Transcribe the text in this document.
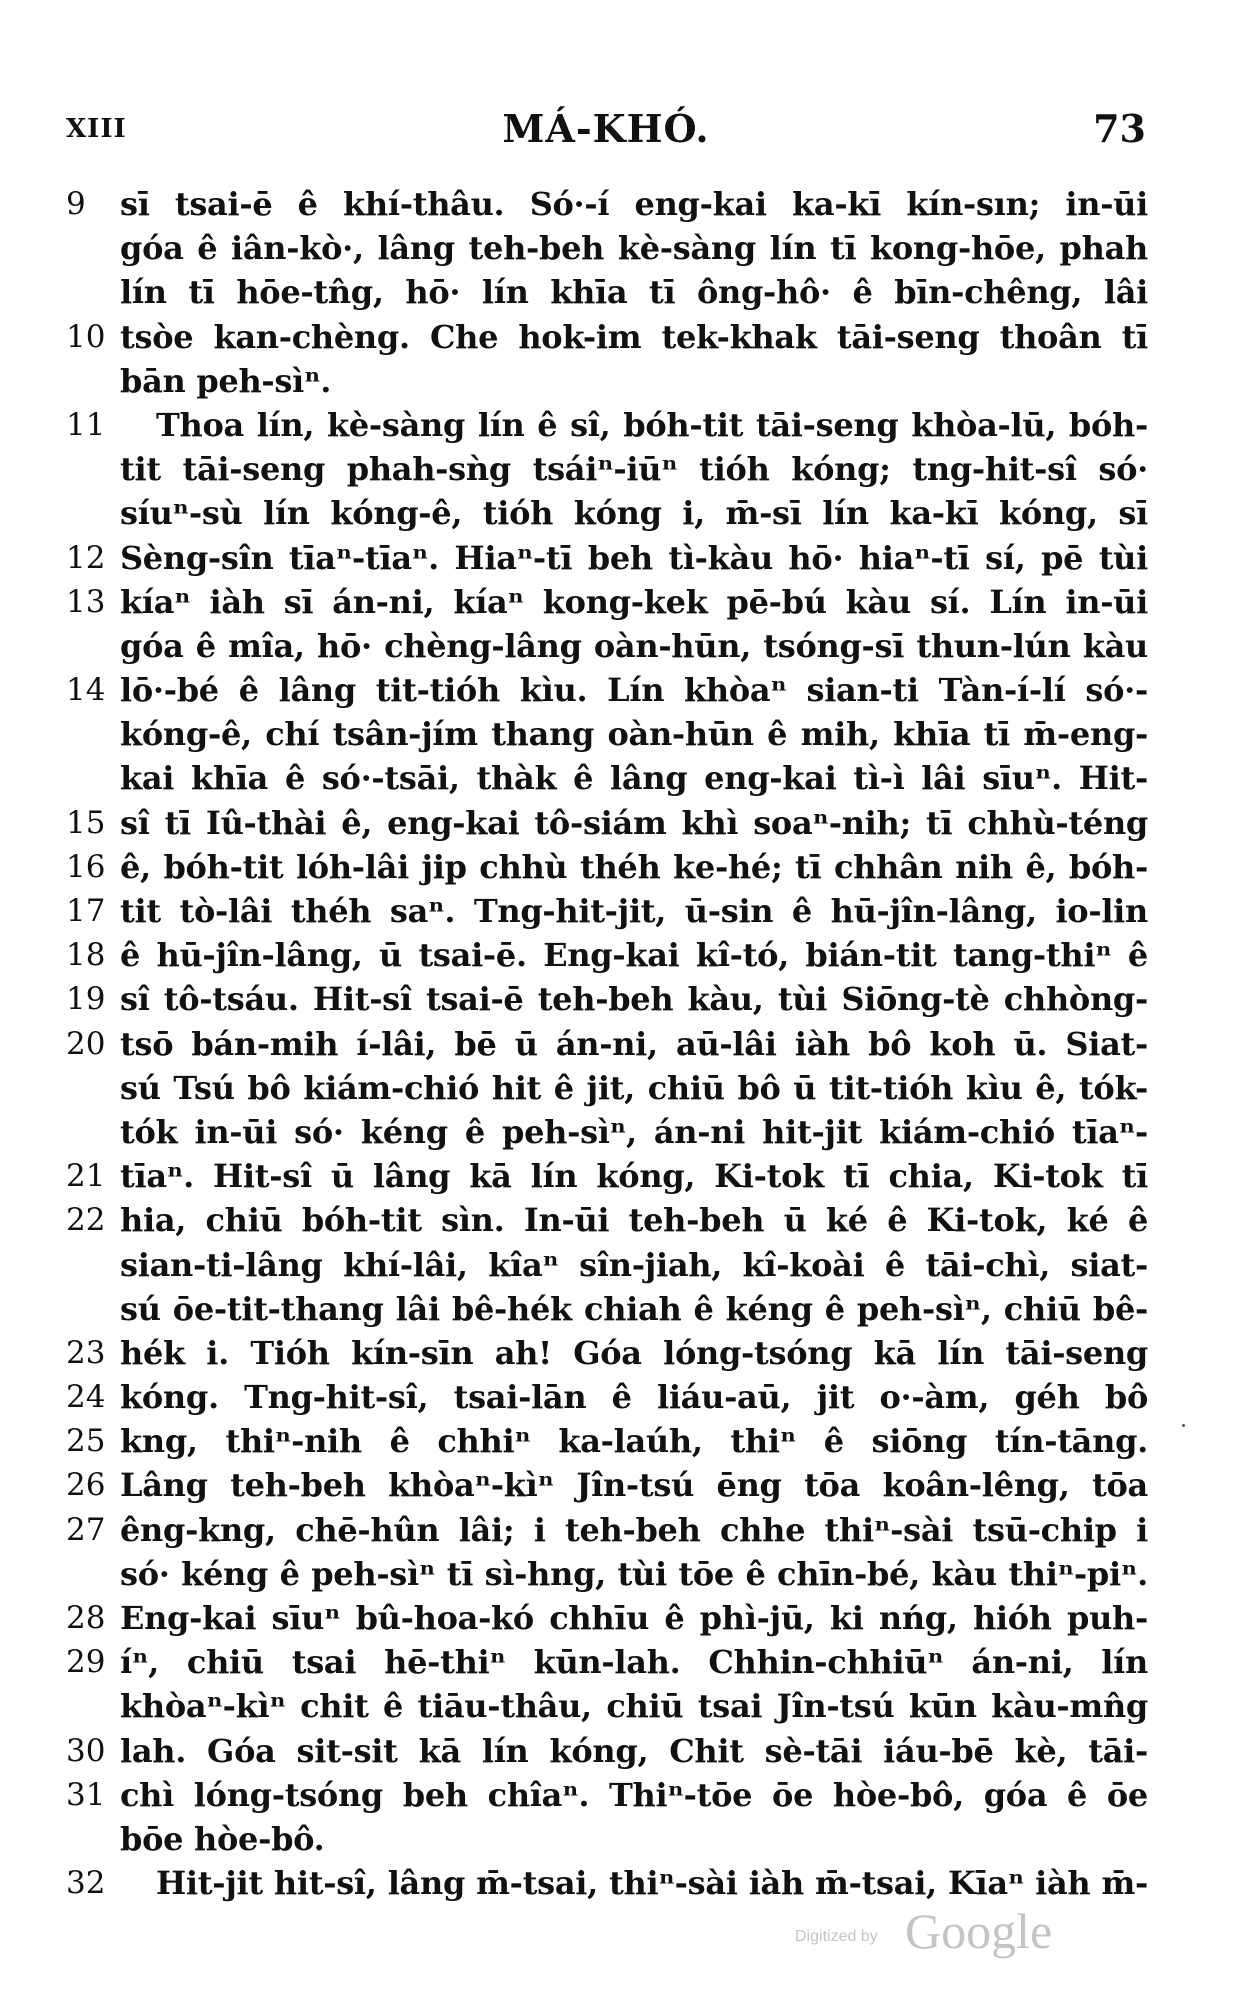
XIII	MÁ-KHÓ.	73
9	sī tsai-ē ê khí-thâu. Só·-í eng-kai ka-kī kín-sın; in-ūi
góa ê iân-kò·, lâng teh-beh kè-sàng lín tī kong-hōe, phah
lín tī hōe-tn̂g, hō· lín khīa tī ông-hô· ê bīn-chêng, lâi
10 tsòe kan-chèng. Che hok-im tek-khak tāi-seng thoân tī
bān peh-sìⁿ.
11	Thoa lín, kè-sàng lín ê sî, bóh-tit tāi-seng khòa-lū, bóh-
tit tāi-seng phah-sǹg tsáiⁿ-iūⁿ tióh kóng; tng-hit-sî só·
síuⁿ-sù lín kóng-ê, tióh kóng i, m̄-sī lín ka-kī kóng, sī
12 Sèng-sîn tīaⁿ-tīaⁿ. Hiaⁿ-tī beh tì-kàu hō· hiaⁿ-tī sí, pē tùi
13 kíaⁿ iàh sī án-ni, kíaⁿ kong-kek pē-bú kàu sí. Lín in-ūi
góa ê mîa, hō· chèng-lâng oàn-hūn, tsóng-sī thun-lún kàu
14 lō·-bé ê lâng tit-tióh kìu. Lín khòaⁿ sian-ti Tàn-í-lí só·-
kóng-ê, chí tsân-jím thang oàn-hūn ê mih, khīa tī m̄-eng-
kai khīa ê só·-tsāi, thàk ê lâng eng-kai tì-ì lâi sīuⁿ. Hit-
15 sî tī Iû-thài ê, eng-kai tô-siám khì soaⁿ-nih; tī chhù-téng
16 ê, bóh-tit lóh-lâi jip chhù théh ke-hé; tī chhân nih ê, bóh-
17 tit tò-lâi théh saⁿ. Tng-hit-jit, ū-sin ê hū-jîn-lâng, io-lin
18 ê hū-jîn-lâng, ū tsai-ē. Eng-kai kî-tó, bián-tit tang-thiⁿ ê
19 sî tô-tsáu. Hit-sî tsai-ē teh-beh kàu, tùi Siōng-tè chhòng-
20 tsō bán-mih í-lâi, bē ū án-ni, aū-lâi iàh bô koh ū. Siat-
sú Tsú bô kiám-chió hit ê jit, chiū bô ū tit-tióh kìu ê, tók-
tók in-ūi só· kéng ê peh-sìⁿ, án-ni hit-jit kiám-chió tīaⁿ-
21 tīaⁿ. Hit-sî ū lâng kā lín kóng, Ki-tok tī chia, Ki-tok tī
22 hia, chiū bóh-tit sìn. In-ūi teh-beh ū ké ê Ki-tok, ké ê
sian-ti-lâng khí-lâi, kîaⁿ sîn-jiah, kî-koài ê tāi-chì, siat-
sú ōe-tit-thang lâi bê-hék chiah ê kéng ê peh-sìⁿ, chiū bê-
23 hék i. Tióh kín-sīn ah! Góa lóng-tsóng kā lín tāi-seng
24 kóng. Tng-hit-sî, tsai-lān ê liáu-aū, jit o·-àm, géh bô
25 kng, thiⁿ-nih ê chhiⁿ ka-laúh, thiⁿ ê siōng tín-tāng.
26 Lâng teh-beh khòaⁿ-kìⁿ Jîn-tsú ēng tōa koân-lêng, tōa
27 êng-kng, chē-hûn lâi; i teh-beh chhe thiⁿ-sài tsū-chip i
só· kéng ê peh-sìⁿ tī sì-hng, tùi tōe ê chīn-bé, kàu thiⁿ-piⁿ.
28 Eng-kai sīuⁿ bû-hoa-kó chhīu ê phì-jū, ki nńg, hióh puh-
29 íⁿ, chiū tsai hē-thiⁿ kūn-lah. Chhin-chhiūⁿ án-ni, lín
khòaⁿ-kìⁿ chit ê tiāu-thâu, chiū tsai Jîn-tsú kūn kàu-mn̂g
30 lah. Góa sit-sit kā lín kóng, Chit sè-tāi iáu-bē kè, tāi-
31 chì lóng-tsóng beh chîaⁿ. Thiⁿ-tōe ōe hòe-bô, góa ê ōe
bōe hòe-bô.
32	Hit-jit hit-sî, lâng m̄-tsai, thiⁿ-sài iàh m̄-tsai, Kīaⁿ iàh m̄-
Digitized by Google
